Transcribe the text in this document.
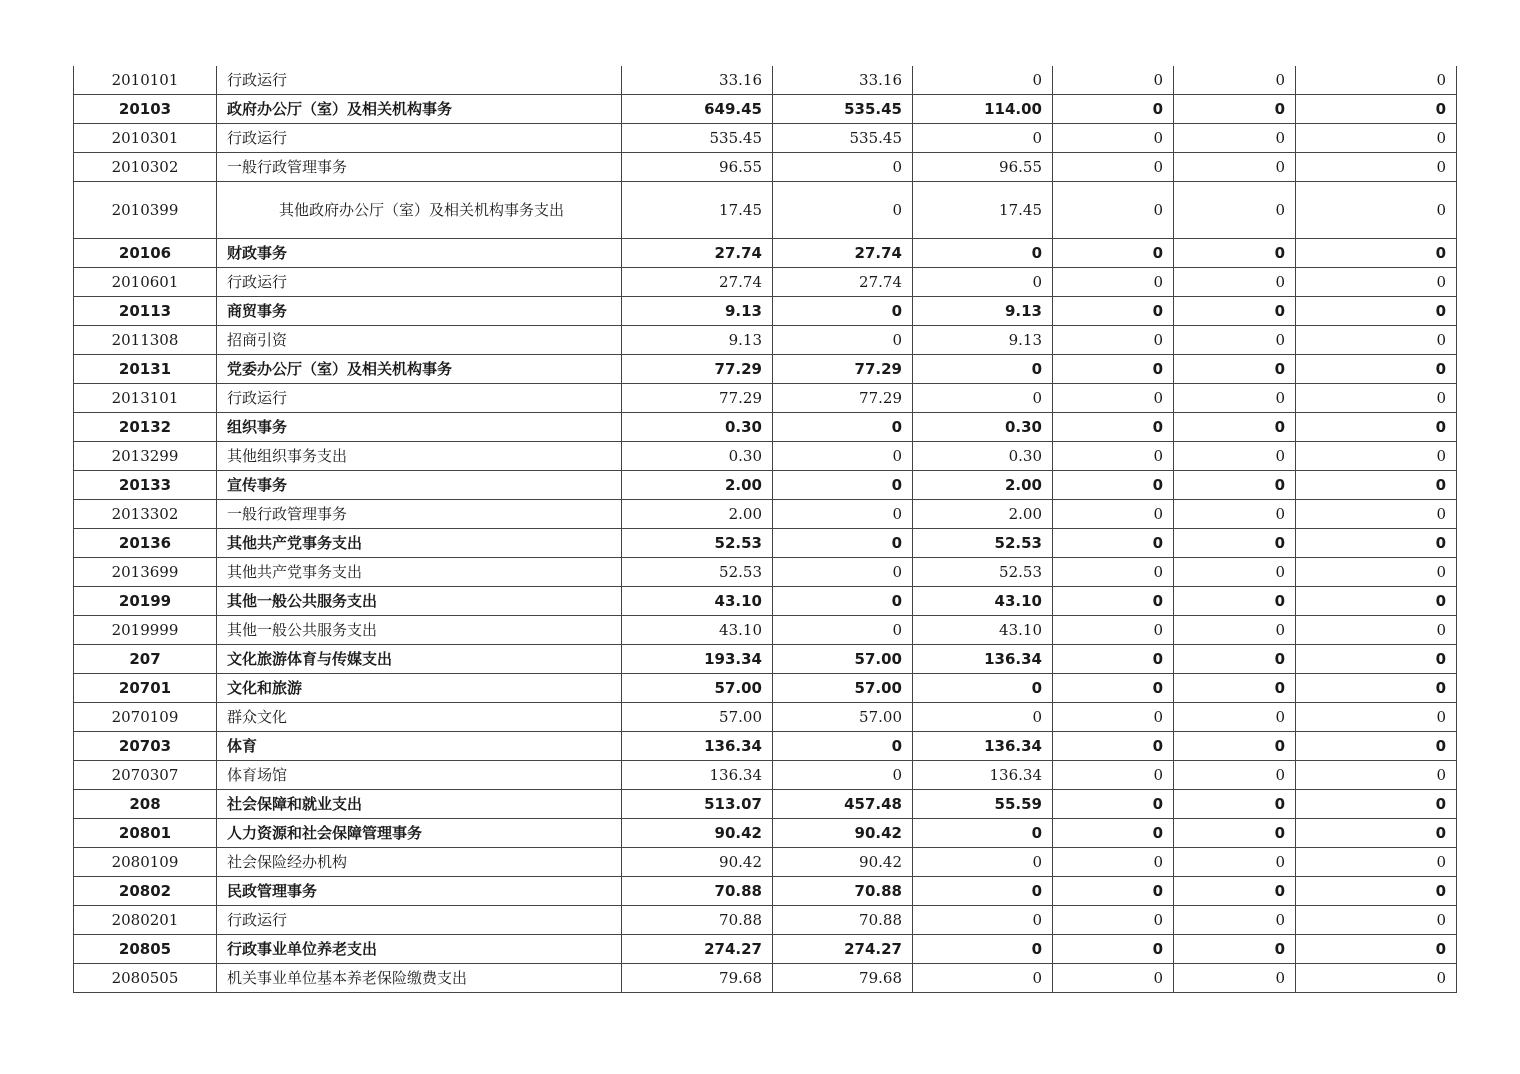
2010101	行政运行	33.16	33.16	0	0	0	0
20103	政府办公厅（室）及相关机构事务	649.45	535.45	114.00	0	0	0
2010301	行政运行	535.45	535.45	0	0	0	0
2010302	一般行政管理事务	96.55	0	96.55	0	0	0
2010399	其他政府办公厅（室）及相关机构事务支出	17.45	0	17.45	0	0	0
20106	财政事务	27.74	27.74	0	0	0	0
2010601	行政运行	27.74	27.74	0	0	0	0
20113	商贸事务	9.13	0	9.13	0	0	0
2011308	招商引资	9.13	0	9.13	0	0	0
20131	党委办公厅（室）及相关机构事务	77.29	77.29	0	0	0	0
2013101	行政运行	77.29	77.29	0	0	0	0
20132	组织事务	0.30	0	0.30	0	0	0
2013299	其他组织事务支出	0.30	0	0.30	0	0	0
20133	宣传事务	2.00	0	2.00	0	0	0
2013302	一般行政管理事务	2.00	0	2.00	0	0	0
20136	其他共产党事务支出	52.53	0	52.53	0	0	0
2013699	其他共产党事务支出	52.53	0	52.53	0	0	0
20199	其他一般公共服务支出	43.10	0	43.10	0	0	0
2019999	其他一般公共服务支出	43.10	0	43.10	0	0	0
207	文化旅游体育与传媒支出	193.34	57.00	136.34	0	0	0
20701	文化和旅游	57.00	57.00	0	0	0	0
2070109	群众文化	57.00	57.00	0	0	0	0
20703	体育	136.34	0	136.34	0	0	0
2070307	体育场馆	136.34	0	136.34	0	0	0
208	社会保障和就业支出	513.07	457.48	55.59	0	0	0
20801	人力资源和社会保障管理事务	90.42	90.42	0	0	0	0
2080109	社会保险经办机构	90.42	90.42	0	0	0	0
20802	民政管理事务	70.88	70.88	0	0	0	0
2080201	行政运行	70.88	70.88	0	0	0	0
20805	行政事业单位养老支出	274.27	274.27	0	0	0	0
2080505	机关事业单位基本养老保险缴费支出	79.68	79.68	0	0	0	0
